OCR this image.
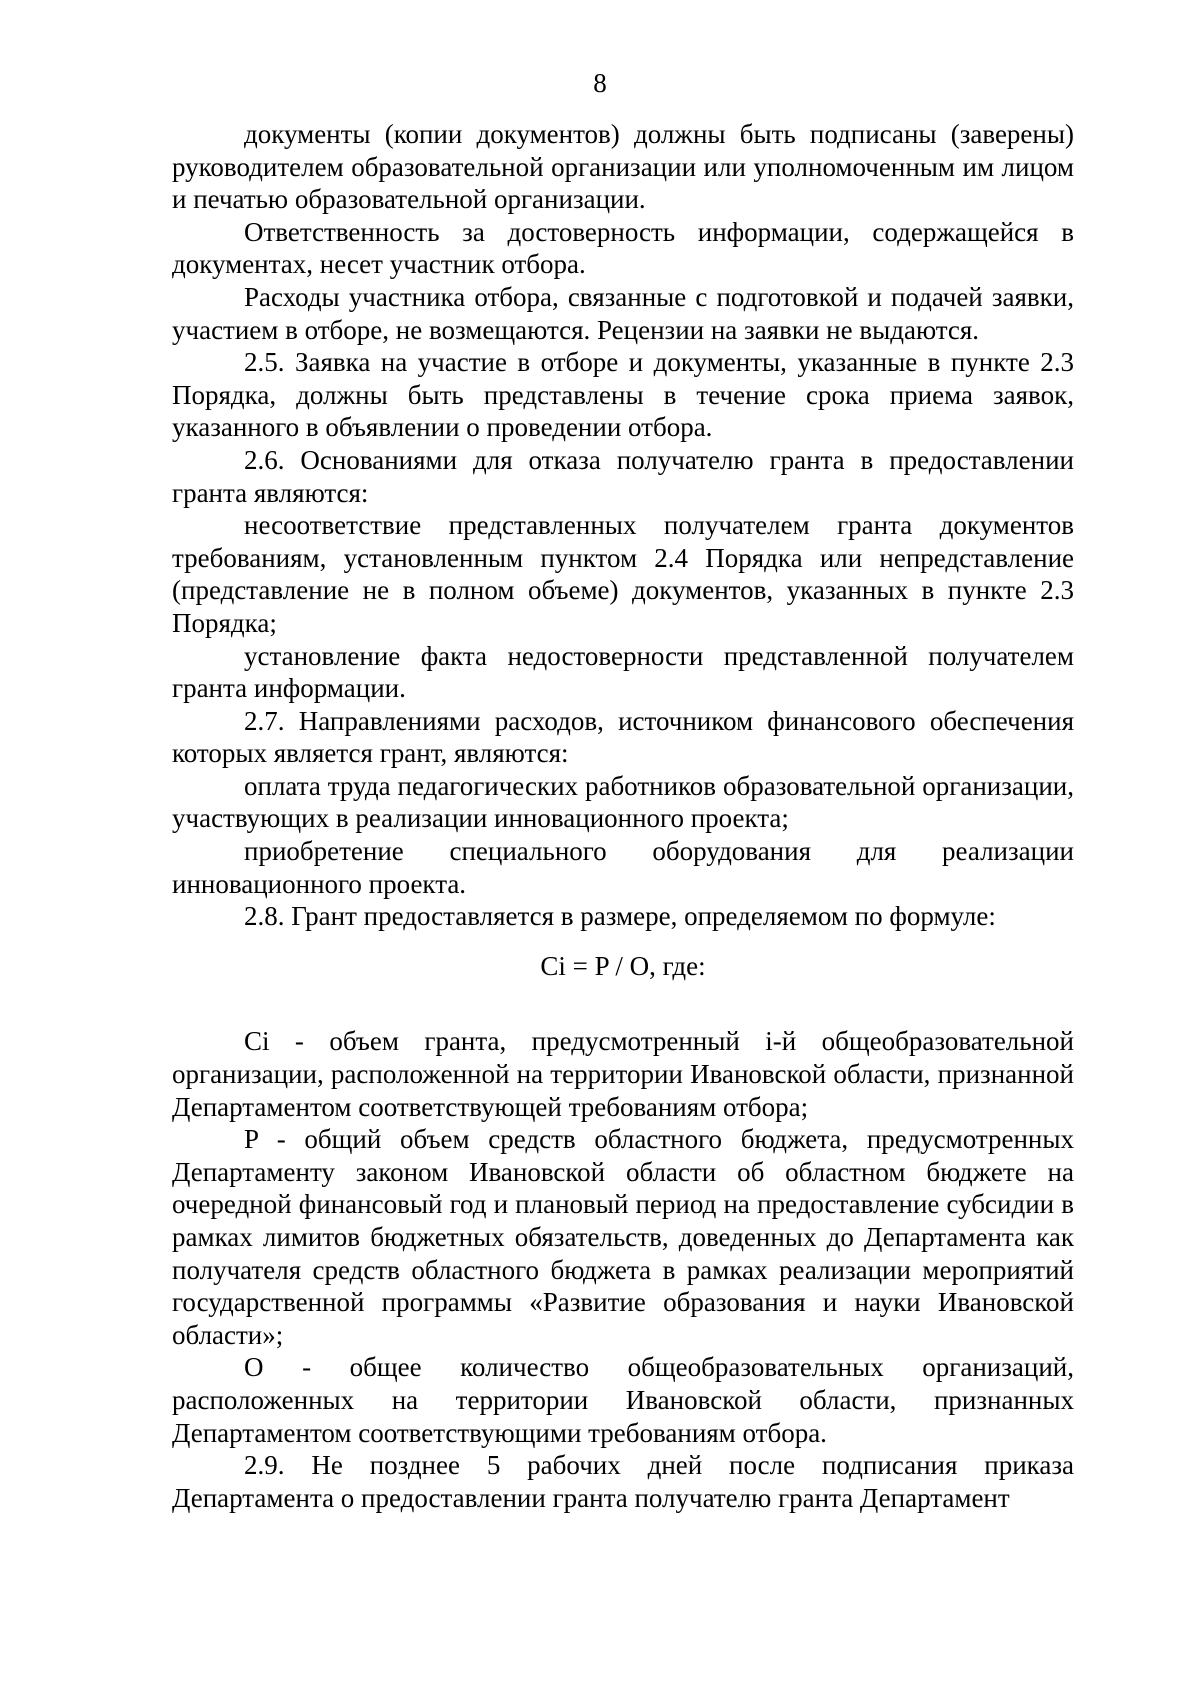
8

документы (копии документов) должны быть подписаны (заверены) руководителем образовательной организации или уполномоченным им лицом и печатью образовательной организации.

Ответственность за достоверность информации, содержащейся в документах, несет участник отбора.

Расходы участника отбора, связанные с подготовкой и подачей заявки, участием в отборе, не возмещаются. Рецензии на заявки не выдаются.

2.5. Заявка на участие в отборе и документы, указанные в пункте 2.3 Порядка, должны быть представлены в течение срока приема заявок, указанного в объявлении о проведении отбора.

2.6. Основаниями для отказа получателю гранта в предоставлении гранта являются:

несоответствие представленных получателем гранта документов требованиям, установленным пунктом 2.4 Порядка или непредставление (представление не в полном объеме) документов, указанных в пункте 2.3 Порядка;

установление факта недостоверности представленной получателем гранта информации.

2.7. Направлениями расходов, источником финансового обеспечения которых является грант, являются:

оплата труда педагогических работников образовательной организации, участвующих в реализации инновационного проекта;

приобретение специального оборудования для реализации инновационного проекта.

2.8. Грант предоставляется в размере, определяемом по формуле:

Ci = P / O, где:

Ci - объем гранта, предусмотренный i-й общеобразовательной организации, расположенной на территории Ивановской области, признанной Департаментом соответствующей требованиям отбора;

P - общий объем средств областного бюджета, предусмотренных Департаменту законом Ивановской области об областном бюджете на очередной финансовый год и плановый период на предоставление субсидии в рамках лимитов бюджетных обязательств, доведенных до Департамента как получателя средств областного бюджета в рамках реализации мероприятий государственной программы «Развитие образования и науки Ивановской области»;

O - общее количество общеобразовательных организаций, расположенных на территории Ивановской области, признанных Департаментом соответствующими требованиям отбора.

2.9. Не позднее 5 рабочих дней после подписания приказа Департамента о предоставлении гранта получателю гранта Департамент
